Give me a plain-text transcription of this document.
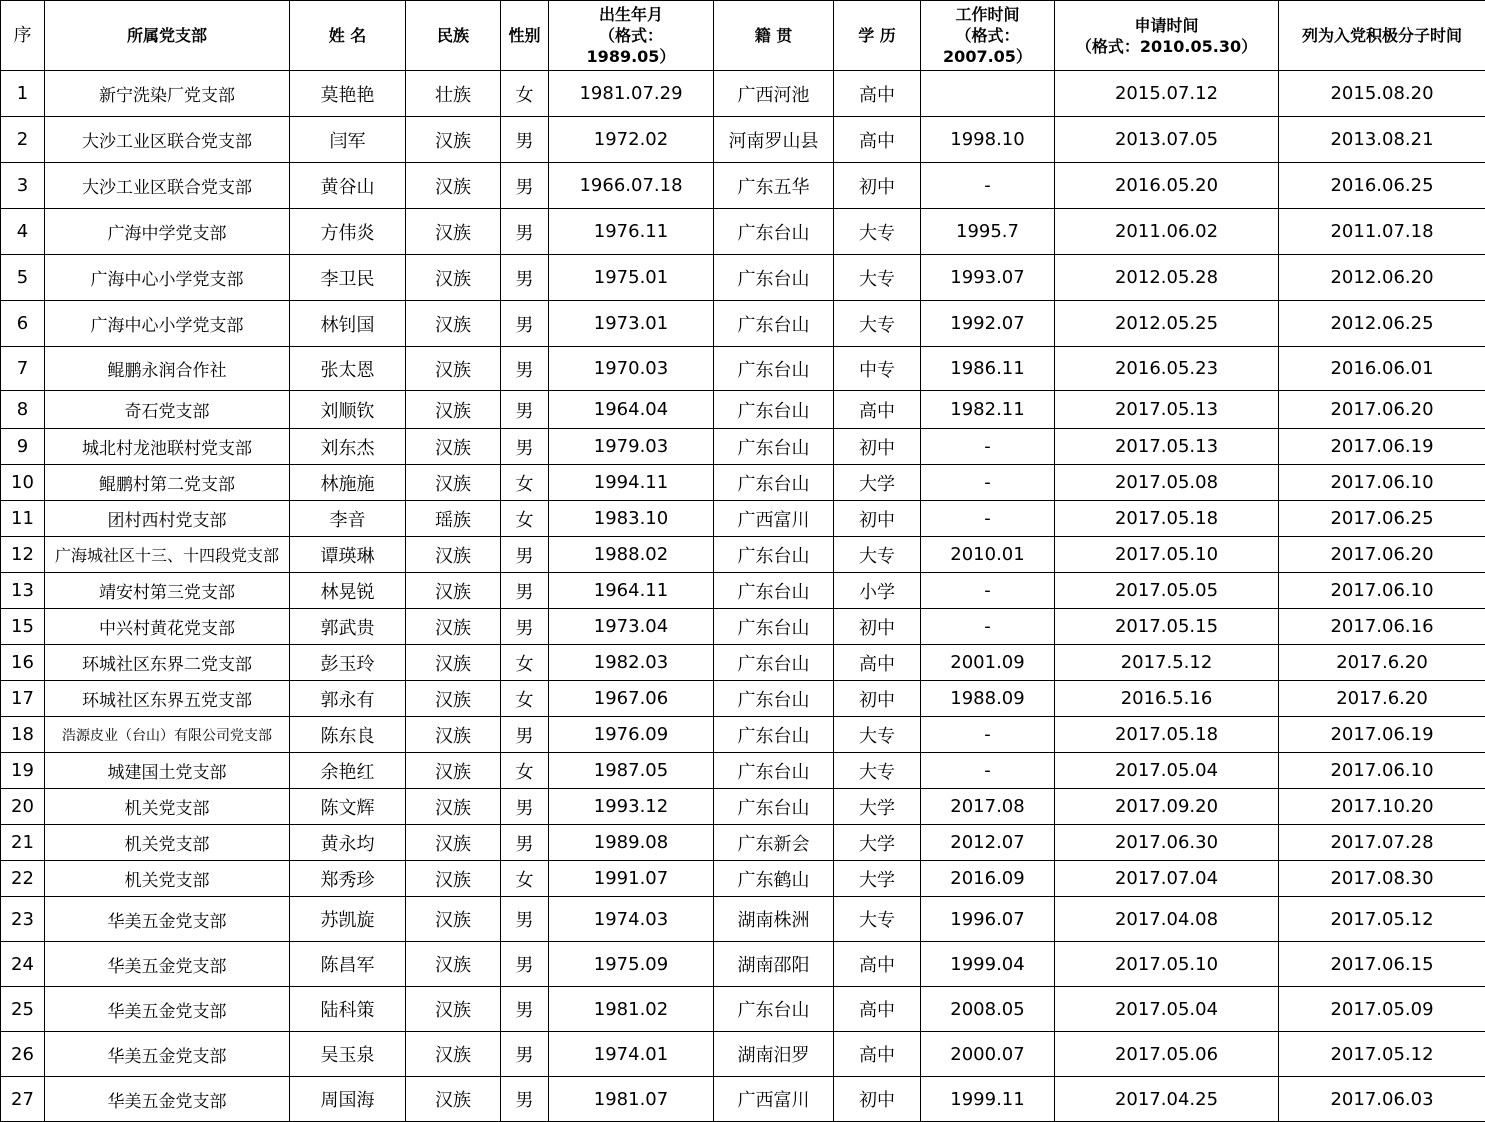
序	所属党支部	姓 名	民族	性别	出生年月
（格式：
1989.05）	籍 贯	学 历	工作时间
（格式：
2007.05）	申请时间
（格式：2010.05.30）	列为入党积极分子时间
1	新宁洗染厂党支部	莫艳艳	壮族	女	1981.07.29	广西河池	高中		2015.07.12	2015.08.20
2	大沙工业区联合党支部	闫军	汉族	男	1972.02	河南罗山县	高中	1998.10	2013.07.05	2013.08.21
3	大沙工业区联合党支部	黄谷山	汉族	男	1966.07.18	广东五华	初中	-	2016.05.20	2016.06.25
4	广海中学党支部	方伟炎	汉族	男	1976.11	广东台山	大专	1995.7	2011.06.02	2011.07.18
5	广海中心小学党支部	李卫民	汉族	男	1975.01	广东台山	大专	1993.07	2012.05.28	2012.06.20
6	广海中心小学党支部	林钊国	汉族	男	1973.01	广东台山	大专	1992.07	2012.05.25	2012.06.25
7	鲲鹏永润合作社	张太恩	汉族	男	1970.03	广东台山	中专	1986.11	2016.05.23	2016.06.01
8	奇石党支部	刘顺钦	汉族	男	1964.04	广东台山	高中	1982.11	2017.05.13	2017.06.20
9	城北村龙池联村党支部	刘东杰	汉族	男	1979.03	广东台山	初中	-	2017.05.13	2017.06.19
10	鲲鹏村第二党支部	林施施	汉族	女	1994.11	广东台山	大学	-	2017.05.08	2017.06.10
11	团村西村党支部	李音	瑶族	女	1983.10	广西富川	初中	-	2017.05.18	2017.06.25
12	广海城社区十三、十四段党支部	谭瑛琳	汉族	男	1988.02	广东台山	大专	2010.01	2017.05.10	2017.06.20
13	靖安村第三党支部	林晃锐	汉族	男	1964.11	广东台山	小学	-	2017.05.05	2017.06.10
15	中兴村黄花党支部	郭武贵	汉族	男	1973.04	广东台山	初中	-	2017.05.15	2017.06.16
16	环城社区东界二党支部	彭玉玲	汉族	女	1982.03	广东台山	高中	2001.09	2017.5.12	2017.6.20
17	环城社区东界五党支部	郭永有	汉族	女	1967.06	广东台山	初中	1988.09	2016.5.16	2017.6.20
18	浩源皮业（台山）有限公司党支部	陈东良	汉族	男	1976.09	广东台山	大专	-	2017.05.18	2017.06.19
19	城建国土党支部	余艳红	汉族	女	1987.05	广东台山	大专	-	2017.05.04	2017.06.10
20	机关党支部	陈文辉	汉族	男	1993.12	广东台山	大学	2017.08	2017.09.20	2017.10.20
21	机关党支部	黄永均	汉族	男	1989.08	广东新会	大学	2012.07	2017.06.30	2017.07.28
22	机关党支部	郑秀珍	汉族	女	1991.07	广东鹤山	大学	2016.09	2017.07.04	2017.08.30
23	华美五金党支部	苏凯旋	汉族	男	1974.03	湖南株洲	大专	1996.07	2017.04.08	2017.05.12
24	华美五金党支部	陈昌军	汉族	男	1975.09	湖南邵阳	高中	1999.04	2017.05.10	2017.06.15
25	华美五金党支部	陆科策	汉族	男	1981.02	广东台山	高中	2008.05	2017.05.04	2017.05.09
26	华美五金党支部	吴玉泉	汉族	男	1974.01	湖南汨罗	高中	2000.07	2017.05.06	2017.05.12
27	华美五金党支部	周国海	汉族	男	1981.07	广西富川	初中	1999.11	2017.04.25	2017.06.03
